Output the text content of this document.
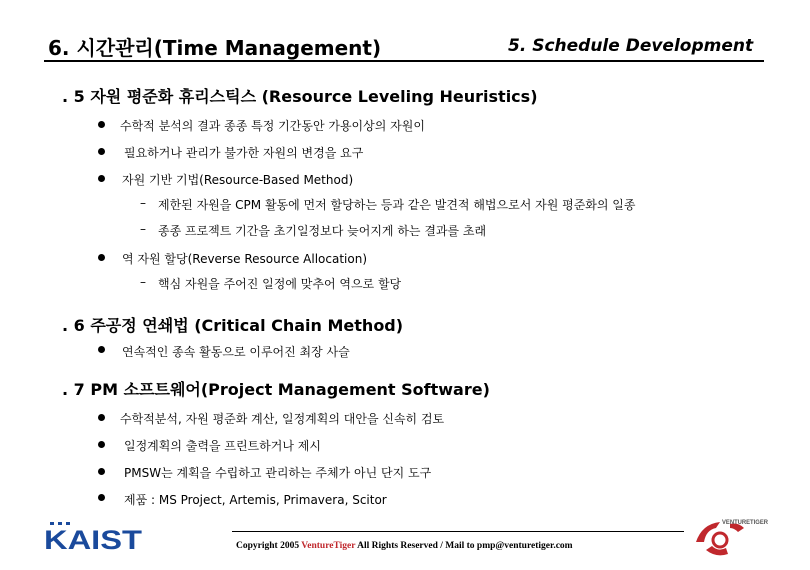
6. 시간관리(Time Management)	5. Schedule Development
. 5 자원 평준화 휴리스틱스 (Resource Leveling Heuristics)
수학적 분석의 결과 종종 특정 기간동안 가용이상의 자원이
필요하거나 관리가 불가한 자원의 변경을 요구
자원 기반 기법(Resource-Based Method)
– 제한된 자원을 CPM 활동에 먼저 할당하는 등과 같은 발견적 해법으로서 자원 평준화의 일종
– 종종 프로젝트 기간을 초기일정보다 늦어지게 하는 결과를 초래
역 자원 할당(Reverse Resource Allocation)
– 핵심 자원을 주어진 일정에 맞추어 역으로 할당
. 6 주공정 연쇄법 (Critical Chain Method)
연속적인 종속 활동으로 이루어진 최장 사슬
. 7 PM 소프트웨어(Project Management Software)
수학적분석, 자원 평준화 계산, 일정계획의 대안을 신속히 검토
일정계획의 출력을 프린트하거나 제시
PMSW는 계획을 수립하고 관리하는 주체가 아닌 단지 도구
제품 : MS Project, Artemis, Primavera, Scitor
KAIST	Copyright 2005 VentureTiger All Rights Reserved / Mail to pmp@venturetiger.com
VENTURETIGER
